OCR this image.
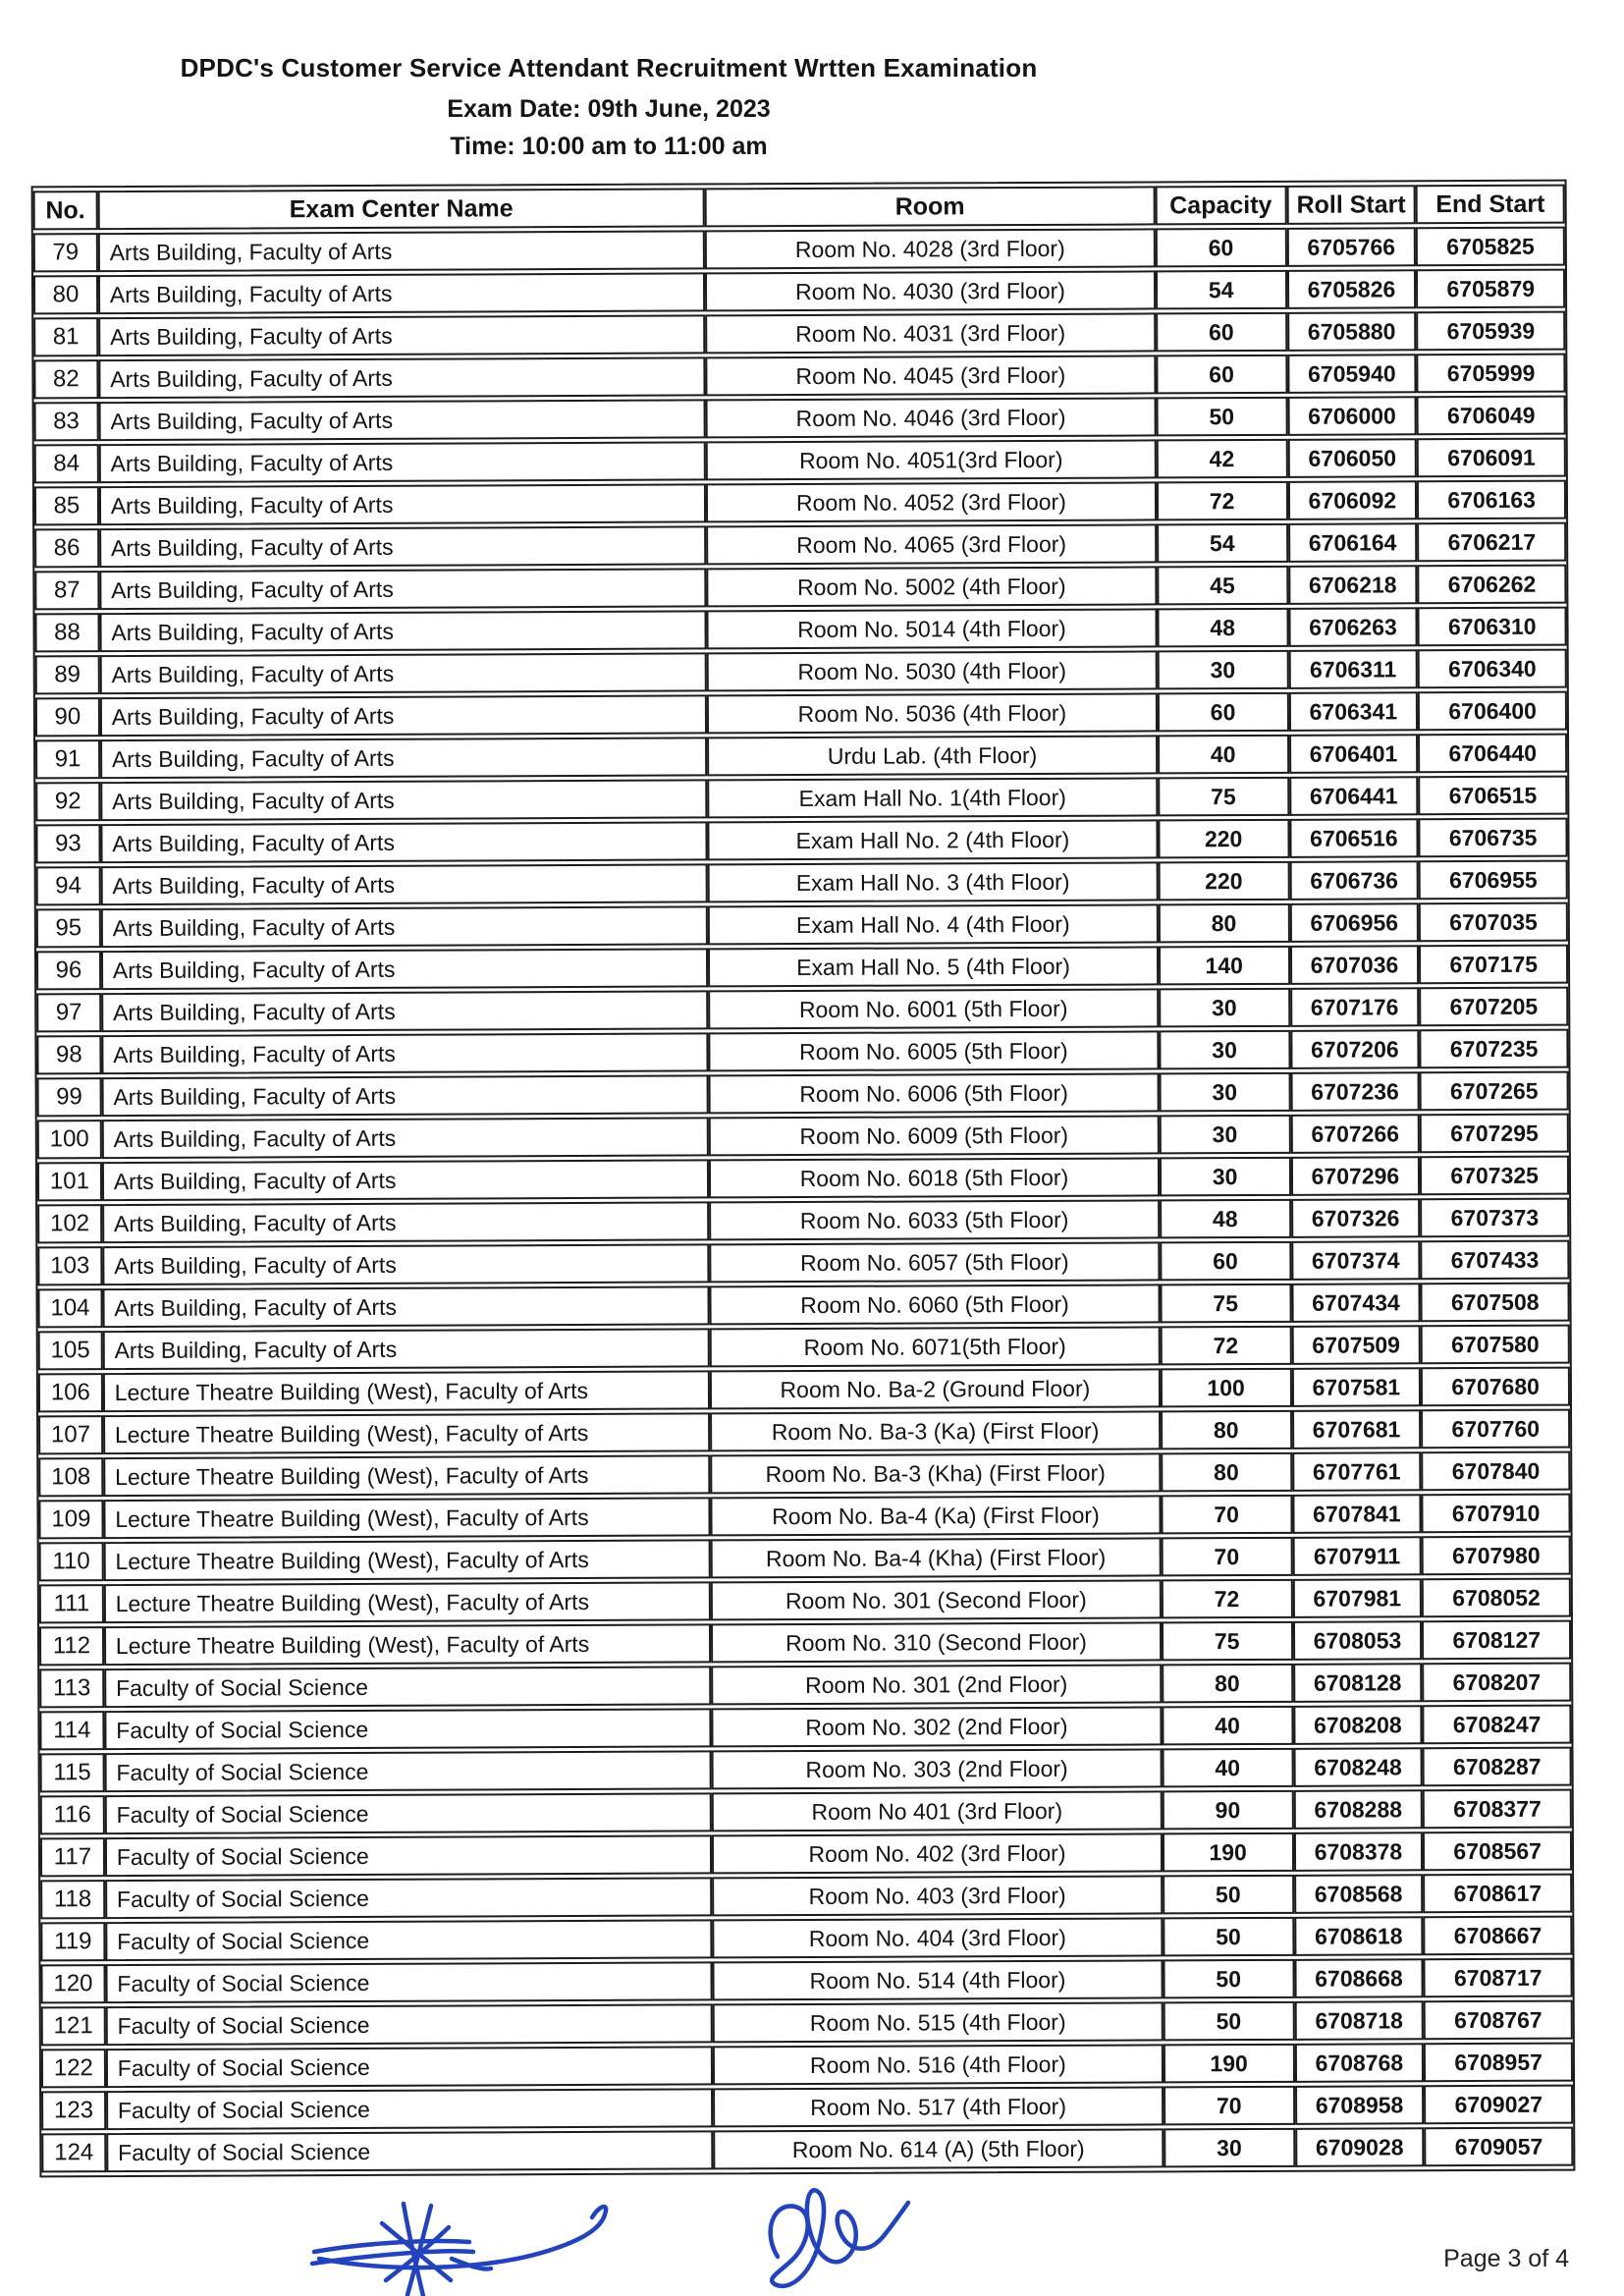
DPDC's Customer Service Attendant Recruitment Wrtten Examination
Exam Date: 09th June, 2023
Time: 10:00 am to 11:00 am
No.	Exam Center Name	Room	Capacity	Roll Start	End Start
79	Arts Building, Faculty of Arts	Room No. 4028 (3rd Floor)	60	6705766	6705825
80	Arts Building, Faculty of Arts	Room No. 4030 (3rd Floor)	54	6705826	6705879
81	Arts Building, Faculty of Arts	Room No. 4031 (3rd Floor)	60	6705880	6705939
82	Arts Building, Faculty of Arts	Room No. 4045 (3rd Floor)	60	6705940	6705999
83	Arts Building, Faculty of Arts	Room No. 4046 (3rd Floor)	50	6706000	6706049
84	Arts Building, Faculty of Arts	Room No. 4051(3rd Floor)	42	6706050	6706091
85	Arts Building, Faculty of Arts	Room No. 4052 (3rd Floor)	72	6706092	6706163
86	Arts Building, Faculty of Arts	Room No. 4065 (3rd Floor)	54	6706164	6706217
87	Arts Building, Faculty of Arts	Room No. 5002 (4th Floor)	45	6706218	6706262
88	Arts Building, Faculty of Arts	Room No. 5014 (4th Floor)	48	6706263	6706310
89	Arts Building, Faculty of Arts	Room No. 5030 (4th Floor)	30	6706311	6706340
90	Arts Building, Faculty of Arts	Room No. 5036 (4th Floor)	60	6706341	6706400
91	Arts Building, Faculty of Arts	Urdu Lab. (4th Floor)	40	6706401	6706440
92	Arts Building, Faculty of Arts	Exam Hall No. 1(4th Floor)	75	6706441	6706515
93	Arts Building, Faculty of Arts	Exam Hall No. 2 (4th Floor)	220	6706516	6706735
94	Arts Building, Faculty of Arts	Exam Hall No. 3 (4th Floor)	220	6706736	6706955
95	Arts Building, Faculty of Arts	Exam Hall No. 4 (4th Floor)	80	6706956	6707035
96	Arts Building, Faculty of Arts	Exam Hall No. 5 (4th Floor)	140	6707036	6707175
97	Arts Building, Faculty of Arts	Room No. 6001 (5th Floor)	30	6707176	6707205
98	Arts Building, Faculty of Arts	Room No. 6005 (5th Floor)	30	6707206	6707235
99	Arts Building, Faculty of Arts	Room No. 6006 (5th Floor)	30	6707236	6707265
100	Arts Building, Faculty of Arts	Room No. 6009 (5th Floor)	30	6707266	6707295
101	Arts Building, Faculty of Arts	Room No. 6018 (5th Floor)	30	6707296	6707325
102	Arts Building, Faculty of Arts	Room No. 6033 (5th Floor)	48	6707326	6707373
103	Arts Building, Faculty of Arts	Room No. 6057 (5th Floor)	60	6707374	6707433
104	Arts Building, Faculty of Arts	Room No. 6060 (5th Floor)	75	6707434	6707508
105	Arts Building, Faculty of Arts	Room No. 6071(5th Floor)	72	6707509	6707580
106	Lecture Theatre Building (West), Faculty of Arts	Room No. Ba-2 (Ground Floor)	100	6707581	6707680
107	Lecture Theatre Building (West), Faculty of Arts	Room No. Ba-3 (Ka) (First Floor)	80	6707681	6707760
108	Lecture Theatre Building (West), Faculty of Arts	Room No. Ba-3 (Kha) (First Floor)	80	6707761	6707840
109	Lecture Theatre Building (West), Faculty of Arts	Room No. Ba-4 (Ka) (First Floor)	70	6707841	6707910
110	Lecture Theatre Building (West), Faculty of Arts	Room No. Ba-4 (Kha) (First Floor)	70	6707911	6707980
111	Lecture Theatre Building (West), Faculty of Arts	Room No. 301 (Second Floor)	72	6707981	6708052
112	Lecture Theatre Building (West), Faculty of Arts	Room No. 310 (Second Floor)	75	6708053	6708127
113	Faculty of Social Science	Room No. 301 (2nd Floor)	80	6708128	6708207
114	Faculty of Social Science	Room No. 302 (2nd Floor)	40	6708208	6708247
115	Faculty of Social Science	Room No. 303 (2nd Floor)	40	6708248	6708287
116	Faculty of Social Science	Room No 401 (3rd Floor)	90	6708288	6708377
117	Faculty of Social Science	Room No. 402 (3rd Floor)	190	6708378	6708567
118	Faculty of Social Science	Room No. 403 (3rd Floor)	50	6708568	6708617
119	Faculty of Social Science	Room No. 404 (3rd Floor)	50	6708618	6708667
120	Faculty of Social Science	Room No. 514 (4th Floor)	50	6708668	6708717
121	Faculty of Social Science	Room No. 515 (4th Floor)	50	6708718	6708767
122	Faculty of Social Science	Room No. 516 (4th Floor)	190	6708768	6708957
123	Faculty of Social Science	Room No. 517 (4th Floor)	70	6708958	6709027
124	Faculty of Social Science	Room No. 614 (A) (5th Floor)	30	6709028	6709057
Page 3 of 4
